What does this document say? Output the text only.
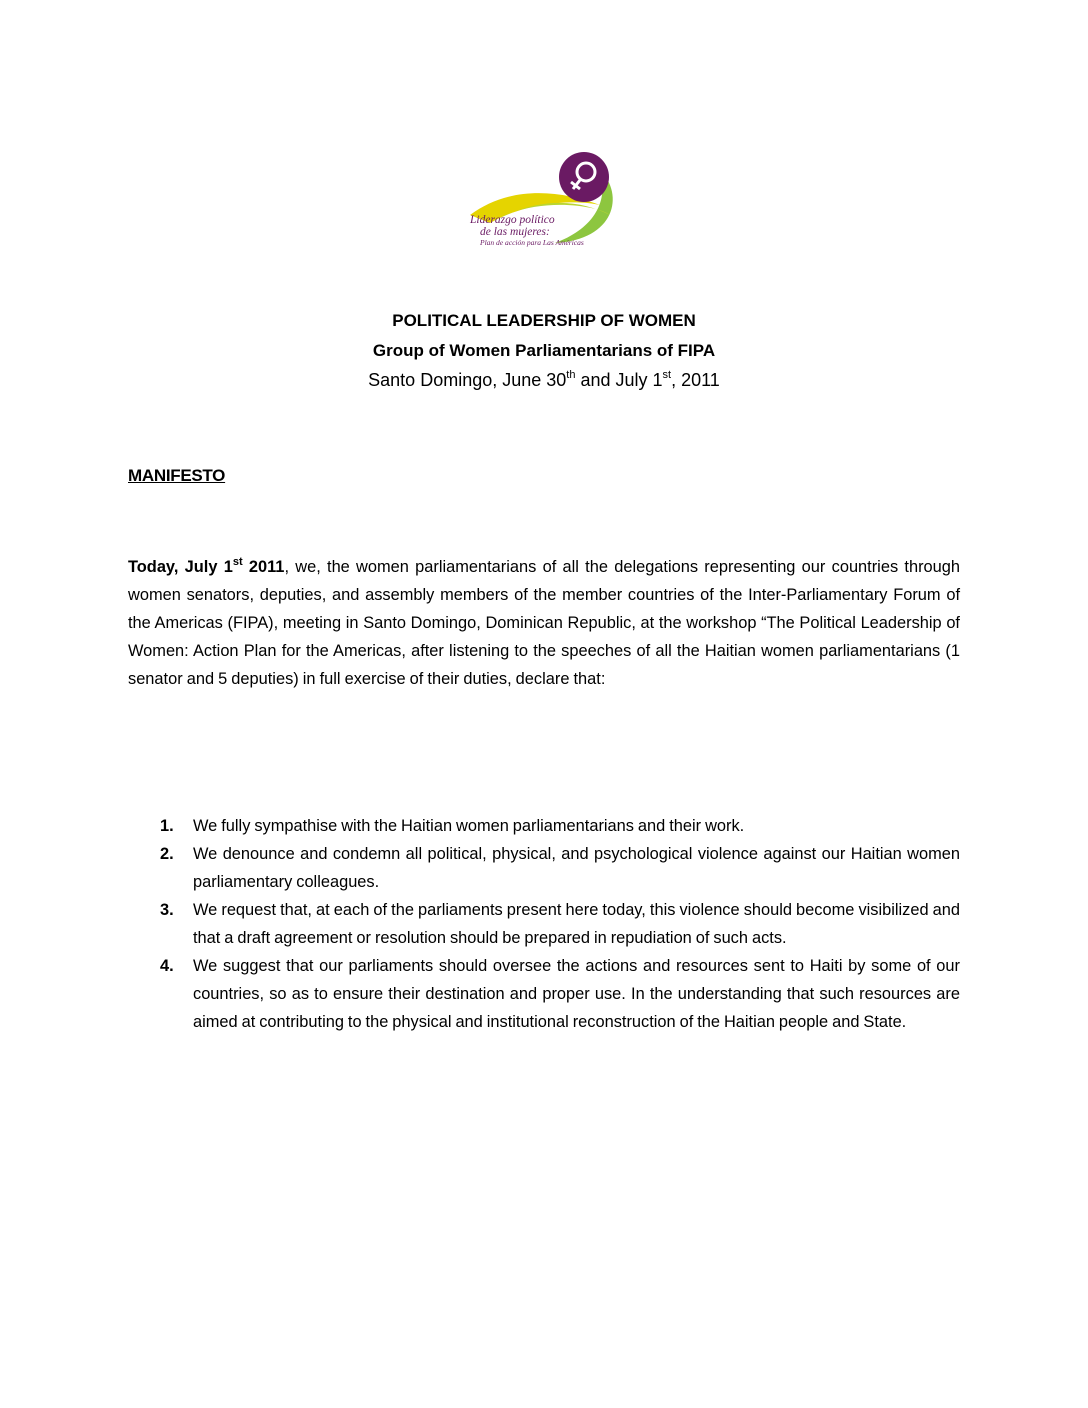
Liderazgo político
de las mujeres:
Plan de acción para Las Américas
POLITICAL LEADERSHIP OF WOMEN
Group of Women Parliamentarians of FIPA
Santo Domingo, June 30th and July 1st, 2011
MANIFESTO
Today, July 1st 2011, we, the women parliamentarians of all the delegations representing our countries through women senators, deputies, and assembly members of the member countries of the Inter-Parliamentary Forum of the Americas (FIPA), meeting in Santo Domingo, Dominican Republic, at the workshop “The Political Leadership of Women: Action Plan for the Americas, after listening to the speeches of all the Haitian women parliamentarians (1 senator and 5 deputies) in full exercise of their duties, declare that:
1. We fully sympathise with the Haitian women parliamentarians and their work.
2. We denounce and condemn all political, physical, and psychological violence against our Haitian women parliamentary colleagues.
3. We request that, at each of the parliaments present here today, this violence should become visibilized and that a draft agreement or resolution should be prepared in repudiation of such acts.
4. We suggest that our parliaments should oversee the actions and resources sent to Haiti by some of our countries, so as to ensure their destination and proper use. In the understanding that such resources are aimed at contributing to the physical and institutional reconstruction of the Haitian people and State.
